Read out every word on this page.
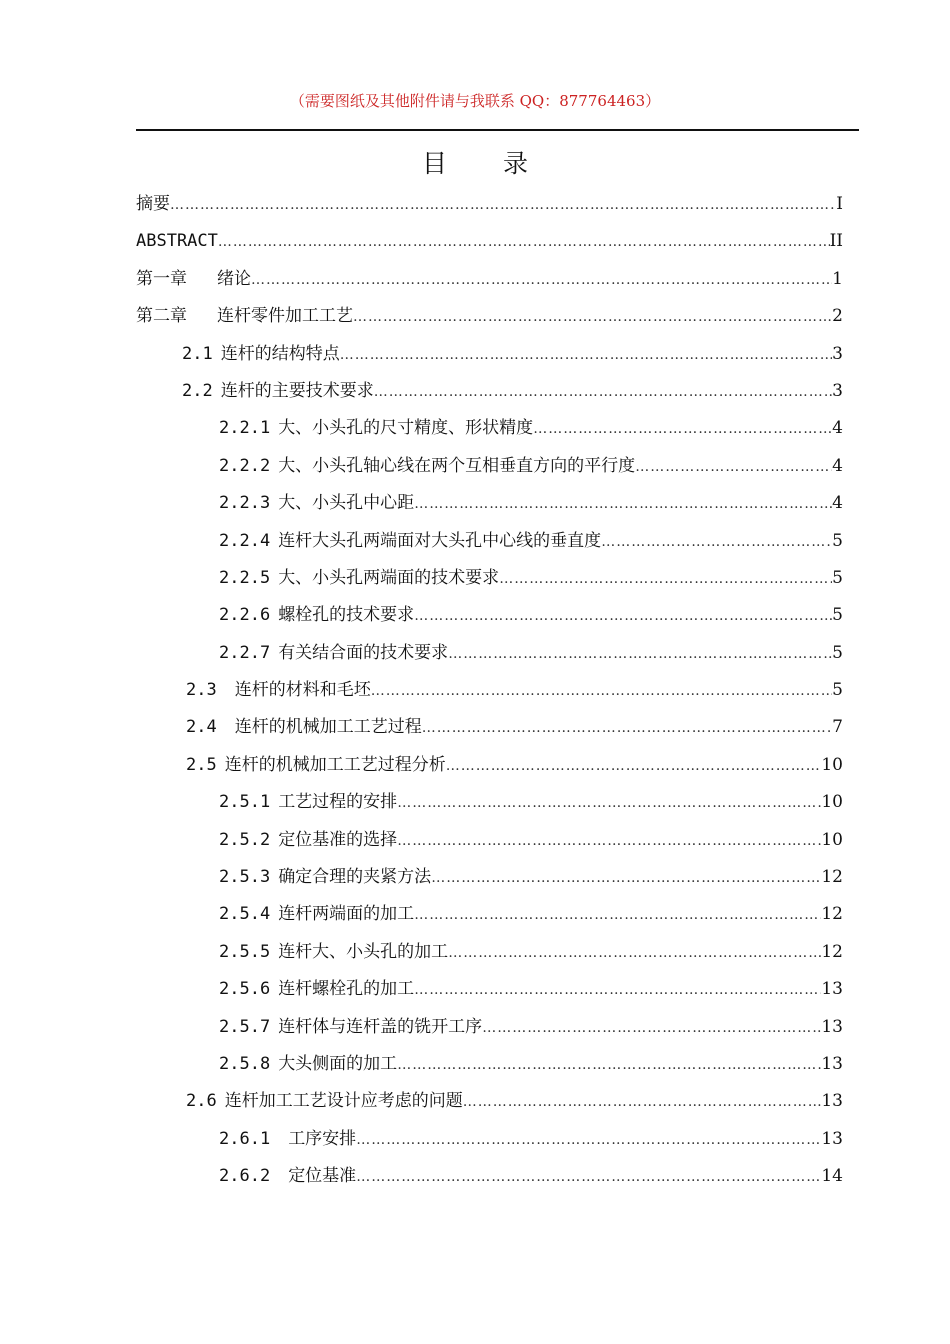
（需要图纸及其他附件请与我联系 QQ：877764463）
目 录
摘要 ………………………………………………………………………………………………………………………………………………………………………………………………	I
ABSTRACT ………………………………………………………………………………………………………………………………………………………………………………………………	II
第一章 绪论 ………………………………………………………………………………………………………………………………………………………………………………………………	1
第二章 连杆零件加工工艺 ………………………………………………………………………………………………………………………………………………………………………………………………	2
2.1 连杆的结构特点 ………………………………………………………………………………………………………………………………………………………………………………………………	3
2.2 连杆的主要技术要求 ………………………………………………………………………………………………………………………………………………………………………………………………	3
2.2.1 大、小头孔的尺寸精度、形状精度 ………………………………………………………………………………………………………………………………………………………………………………………………	4
2.2.2 大、小头孔轴心线在两个互相垂直方向的平行度 ………………………………………………………………………………………………………………………………………………………………………………………………	4
2.2.3 大、小头孔中心距 ………………………………………………………………………………………………………………………………………………………………………………………………	4
2.2.4 连杆大头孔两端面对大头孔中心线的垂直度 ………………………………………………………………………………………………………………………………………………………………………………………………	5
2.2.5 大、小头孔两端面的技术要求 ………………………………………………………………………………………………………………………………………………………………………………………………	5
2.2.6 螺栓孔的技术要求 ………………………………………………………………………………………………………………………………………………………………………………………………	5
2.2.7 有关结合面的技术要求 ………………………………………………………………………………………………………………………………………………………………………………………………	5
2.3 连杆的材料和毛坯 ………………………………………………………………………………………………………………………………………………………………………………………………	5
2.4 连杆的机械加工工艺过程 ………………………………………………………………………………………………………………………………………………………………………………………………	7
2.5 连杆的机械加工工艺过程分析 ………………………………………………………………………………………………………………………………………………………………………………………………	10
2.5.1 工艺过程的安排 ………………………………………………………………………………………………………………………………………………………………………………………………	10
2.5.2 定位基准的选择 ………………………………………………………………………………………………………………………………………………………………………………………………	10
2.5.3 确定合理的夹紧方法 ………………………………………………………………………………………………………………………………………………………………………………………………	12
2.5.4 连杆两端面的加工 ………………………………………………………………………………………………………………………………………………………………………………………………	12
2.5.5 连杆大、小头孔的加工 ………………………………………………………………………………………………………………………………………………………………………………………………	12
2.5.6 连杆螺栓孔的加工 ………………………………………………………………………………………………………………………………………………………………………………………………	13
2.5.7 连杆体与连杆盖的铣开工序 ………………………………………………………………………………………………………………………………………………………………………………………………	13
2.5.8 大头侧面的加工 ………………………………………………………………………………………………………………………………………………………………………………………………	13
2.6 连杆加工工艺设计应考虑的问题 ………………………………………………………………………………………………………………………………………………………………………………………………	13
2.6.1 工序安排 ………………………………………………………………………………………………………………………………………………………………………………………………	13
2.6.2 定位基准 ………………………………………………………………………………………………………………………………………………………………………………………………	14
